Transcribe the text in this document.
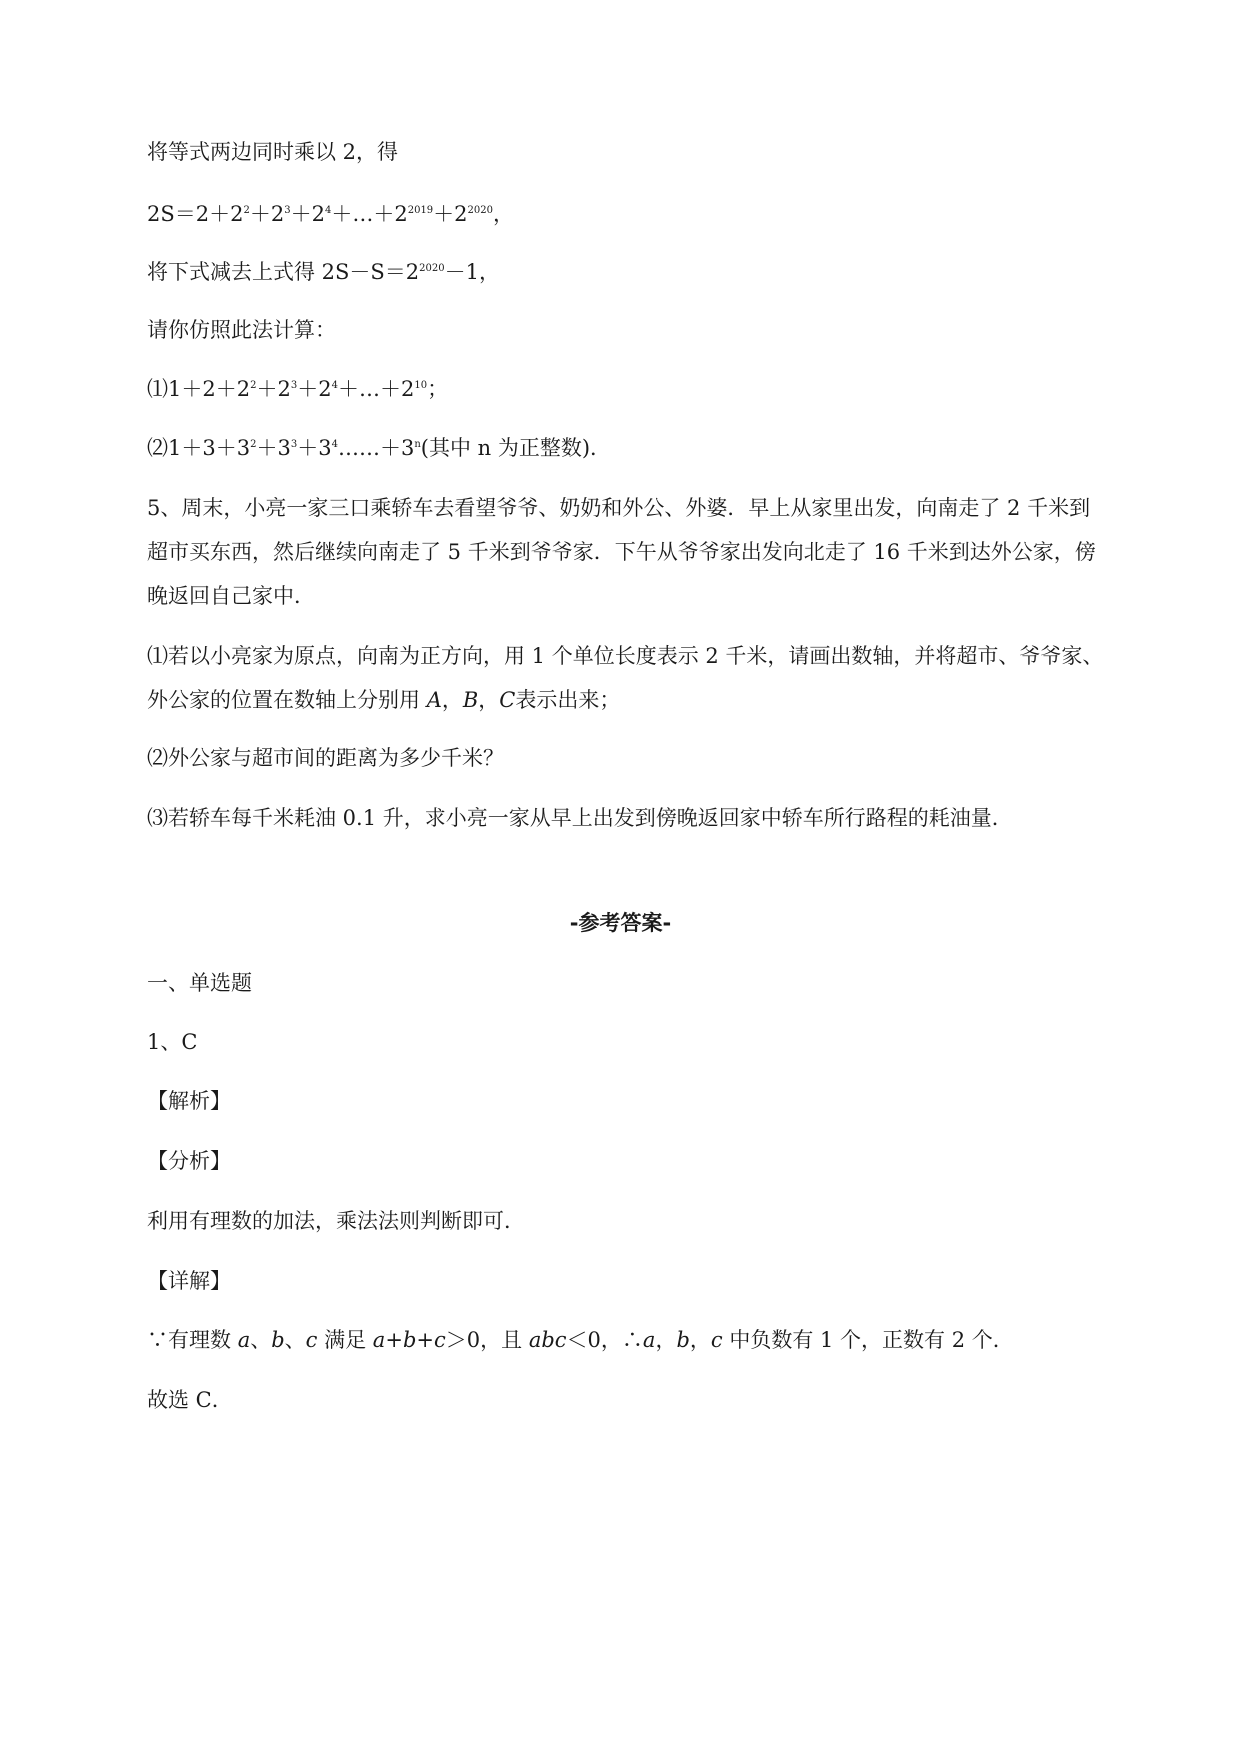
将等式两边同时乘以 2，得
$2S=2+2^2+2^3+2^4+\dots+2^{2019}+2^{2020}$，
将下式减去上式得 $2S-S=2^{2020}-1$，
请你仿照此法计算：
$⑴1+2+2^2+2^3+2^4+\dots+2^{10}$；
$⑵1+3+3^2+3^3+3^4\dots\dots+3^n$(其中 n 为正整数)．
5、周末，小亮一家三口乘轿车去看望爷爷、奶奶和外公、外婆．早上从家里出发，向南走了 2 千米到
超市买东西，然后继续向南走了 5 千米到爷爷家．下午从爷爷家出发向北走了 16 千米到达外公家，傍
晚返回自己家中．
⑴若以小亮家为原点，向南为正方向，用 1 个单位长度表示 2 千米，请画出数轴，并将超市、爷爷家、
外公家的位置在数轴上分别用 A，B，C表示出来；
⑵外公家与超市间的距离为多少千米？
⑶若轿车每千米耗油 0.1 升，求小亮一家从早上出发到傍晚返回家中轿车所行路程的耗油量．
-参考答案-
一、单选题
1、C
【解析】
【分析】
利用有理数的加法，乘法法则判断即可．
【详解】
∵有理数 a、b、c 满足 a+b+c＞0，且 abc＜0，∴a，b，c 中负数有 1 个，正数有 2 个．
故选 C．
